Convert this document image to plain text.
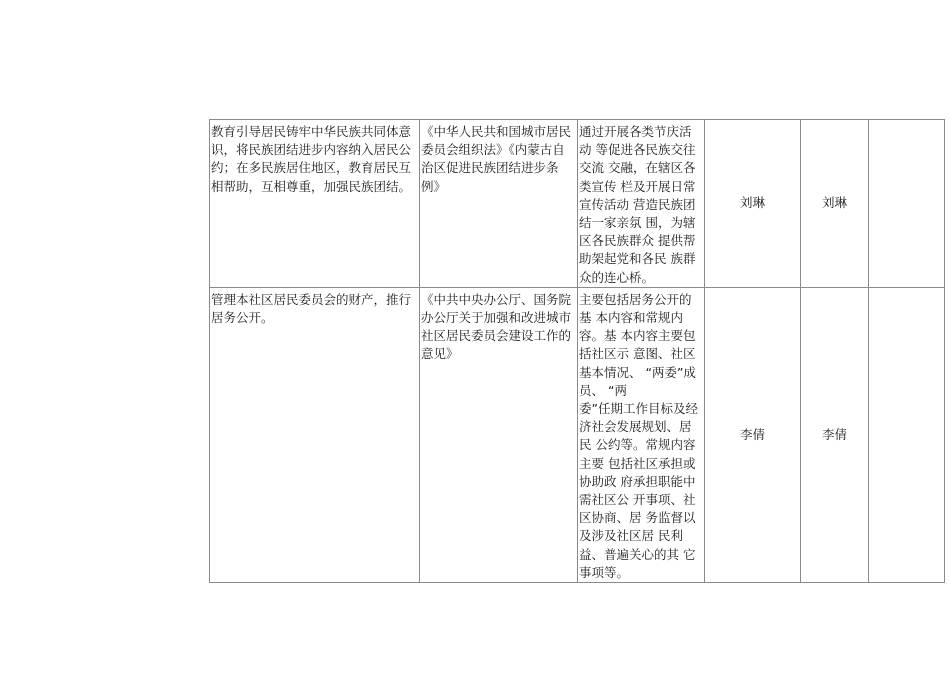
教育引导居民铸牢中华民族共同体意 识，将民族团结进步内容纳入居民公 约；在多民族居住地区，教育居民互 相帮助，互相尊重，加强民族团结。	《中华人民共和国城市居民 委员会组织法》《内蒙古自 治区促进民族团结进步条
例》	通过开展各类节庆活动 等促进各民族交往交流 交融，在辖区各类宣传 栏及开展日常宣传活动 营造民族团结一家亲氛 围，为辖区各民族群众 提供帮助架起党和各民 族群众的连心桥。	刘琳	刘琳	

管理本社区居民委员会的财产，推行 居务公开。	《中共中央办公厅、国务院办公厅关于加强和改进城市 社区居民委员会建设工作的 意见》	主要包括居务公开的基 本内容和常规内容。基 本内容主要包括社区示 意图、社区基本情况、 “两委”成员、 “两
委”任期工作目标及经 济社会发展规划、居民 公约等。常规内容主要 包括社区承担或协助政 府承担职能中需社区公 开事项、社区协商、居 务监督以及涉及社区居 民利益、普遍关心的其 它事项等。	李倩	李倩	
